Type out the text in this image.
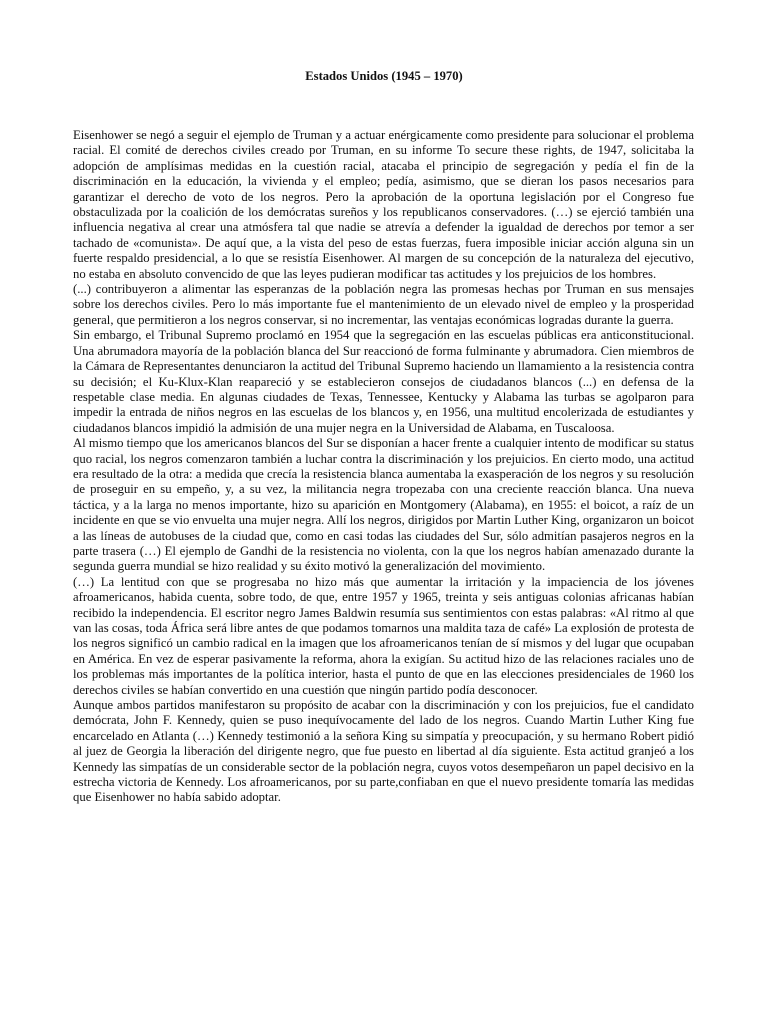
Estados Unidos (1945 – 1970)

Eisenhower se negó a seguir el ejemplo de Truman y a actuar enérgicamente como presidente para solucionar el problema racial. El comité de derechos civiles creado por Truman, en su informe To secure these rights, de 1947, solicitaba la adopción de amplísimas medidas en la cuestión racial, atacaba el principio de segregación y pedía el fin de la discriminación en la educación, la vivienda y el empleo; pedía, asimismo, que se dieran los pasos necesarios para garantizar el derecho de voto de los negros. Pero la aprobación de la oportuna legislación por el Congreso fue obstaculizada por la coalición de los demócratas sureños y los republicanos conservadores. (…) se ejerció también una influencia negativa al crear una atmósfera tal que nadie se atrevía a defender la igualdad de derechos por temor a ser tachado de «comunista». De aquí que, a la vista del peso de estas fuerzas, fuera imposible iniciar acción alguna sin un fuerte respaldo presidencial, a lo que se resistía Eisenhower. Al margen de su concepción de la naturaleza del ejecutivo, no estaba en absoluto convencido de que las leyes pudieran modificar tas actitudes y los prejuicios de los hombres.

(...) contribuyeron a alimentar las esperanzas de la población negra las promesas hechas por Truman en sus mensajes sobre los derechos civiles. Pero lo más importante fue el mantenimiento de un elevado nivel de empleo y la prosperidad general, que permitieron a los negros conservar, si no incrementar, las ventajas económicas logradas durante la guerra.

Sin embargo, el Tribunal Supremo proclamó en 1954 que la segregación en las escuelas públicas era anticonstitucional. Una abrumadora mayoría de la población blanca del Sur reaccionó de forma fulminante y abrumadora. Cien miembros de la Cámara de Representantes denunciaron la actitud del Tribunal Supremo haciendo un llamamiento a la resistencia contra su decisión; el Ku-Klux-Klan reapareció y se establecieron consejos de ciudadanos blancos (...) en defensa de la respetable clase media. En algunas ciudades de Texas, Tennessee, Kentucky y Alabama las turbas se agolparon para impedir la entrada de niños negros en las escuelas de los blancos y, en 1956, una multitud encolerizada de estudiantes y ciudadanos blancos impidió la admisión de una mujer negra en la Universidad de Alabama, en Tuscaloosa.

Al mismo tiempo que los americanos blancos del Sur se disponían a hacer frente a cualquier intento de modificar su status quo racial, los negros comenzaron también a luchar contra la discriminación y los prejuicios. En cierto modo, una actitud era resultado de la otra: a medida que crecía la resistencia blanca aumentaba la exasperación de los negros y su resolución de proseguir en su empeño, y, a su vez, la militancia negra tropezaba con una creciente reacción blanca. Una nueva táctica, y a la larga no menos importante, hizo su aparición en Montgomery (Alabama), en 1955: el boicot, a raíz de un incidente en que se vio envuelta una mujer negra. Allí los negros, dirigidos por Martin Luther King, organizaron un boicot a las líneas de autobuses de la ciudad que, como en casi todas las ciudades del Sur, sólo admitían pasajeros negros en la parte trasera (…) El ejemplo de Gandhi de la resistencia no violenta, con la que los negros habían amenazado durante la segunda guerra mundial se hizo realidad y su éxito motivó la generalización del movimiento.

(…) La lentitud con que se progresaba no hizo más que aumentar la irritación y la impaciencia de los jóvenes afroamericanos, habida cuenta, sobre todo, de que, entre 1957 y 1965, treinta y seis antiguas colonias africanas habían recibido la independencia. El escritor negro James Baldwin resumía sus sentimientos con estas palabras: «Al ritmo al que van las cosas, toda África será libre antes de que podamos tomarnos una maldita taza de café» La explosión de protesta de los negros significó un cambio radical en la imagen que los afroamericanos tenían de sí mismos y del lugar que ocupaban en América. En vez de esperar pasivamente la reforma, ahora la exigían. Su actitud hizo de las relaciones raciales uno de los problemas más importantes de la política interior, hasta el punto de que en las elecciones presidenciales de 1960 los derechos civiles se habían convertido en una cuestión que ningún partido podía desconocer.

Aunque ambos partidos manifestaron su propósito de acabar con la discriminación y con los prejuicios, fue el candidato demócrata, John F. Kennedy, quien se puso inequívocamente del lado de los negros. Cuando Martin Luther King fue encarcelado en Atlanta (…) Kennedy testimonió a la señora King su simpatía y preocupación, y su hermano Robert pidió al juez de Georgia la liberación del dirigente negro, que fue puesto en libertad al día siguiente. Esta actitud granjeó a los Kennedy las simpatías de un considerable sector de la población negra, cuyos votos desempeñaron un papel decisivo en la estrecha victoria de Kennedy. Los afroamericanos, por su parte,confiaban en que el nuevo presidente tomaría las medidas que Eisenhower no había sabido adoptar.
